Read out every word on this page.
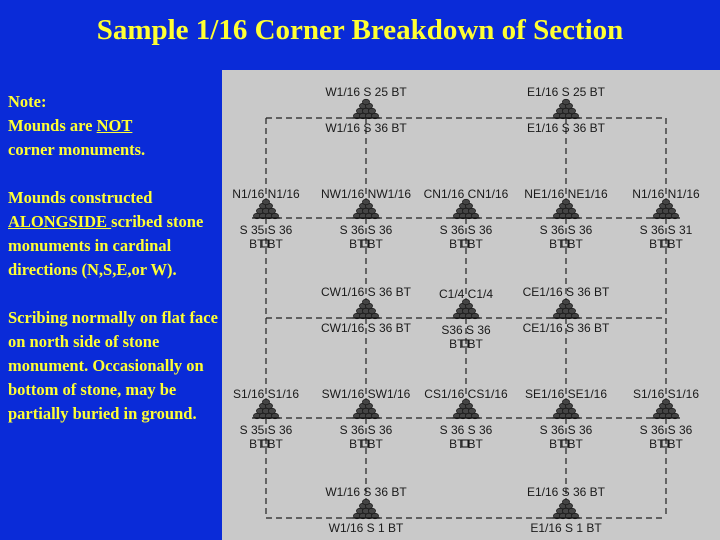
Sample 1/16 Corner Breakdown of Section

Note:
Mounds are NOT
corner monuments.

Mounds constructed
ALONGSIDE scribed stone monuments in cardinal directions (N,S,E,or W).

Scribing normally on flat face on north side of stone monument. Occasionally on bottom of stone, may be partially buried in ground.

W1/16 S 25 BT
W1/16 S 36 BT
E1/16 S 25 BT
E1/16 S 36 BT
N1/16 N1/16
S 35 S 36
BT BT
NW1/16 NW1/16
S 36 S 36
BT BT
CN1/16 CN1/16
S 36 S 36
BT BT
NE1/16 NE1/16
S 36 S 36
BT BT
N1/16 N1/16
S 36 S 31
BT BT
CW1/16 S 36 BT
CW1/16 S 36 BT
C1/4 C1/4
S36 S 36
BT BT
CE1/16 S 36 BT
CE1/16 S 36 BT
S1/16 S1/16
S 35 S 36
BT BT
SW1/16 SW1/16
S 36 S 36
BT BT
CS1/16 CS1/16
S 36 S 36
BT BT
SE1/16 SE1/16
S 36 S 36
BT BT
S1/16 S1/16
S 36 S 36
BT BT
W1/16 S 36 BT
W1/16 S 1 BT
E1/16 S 36 BT
E1/16 S 1 BT
